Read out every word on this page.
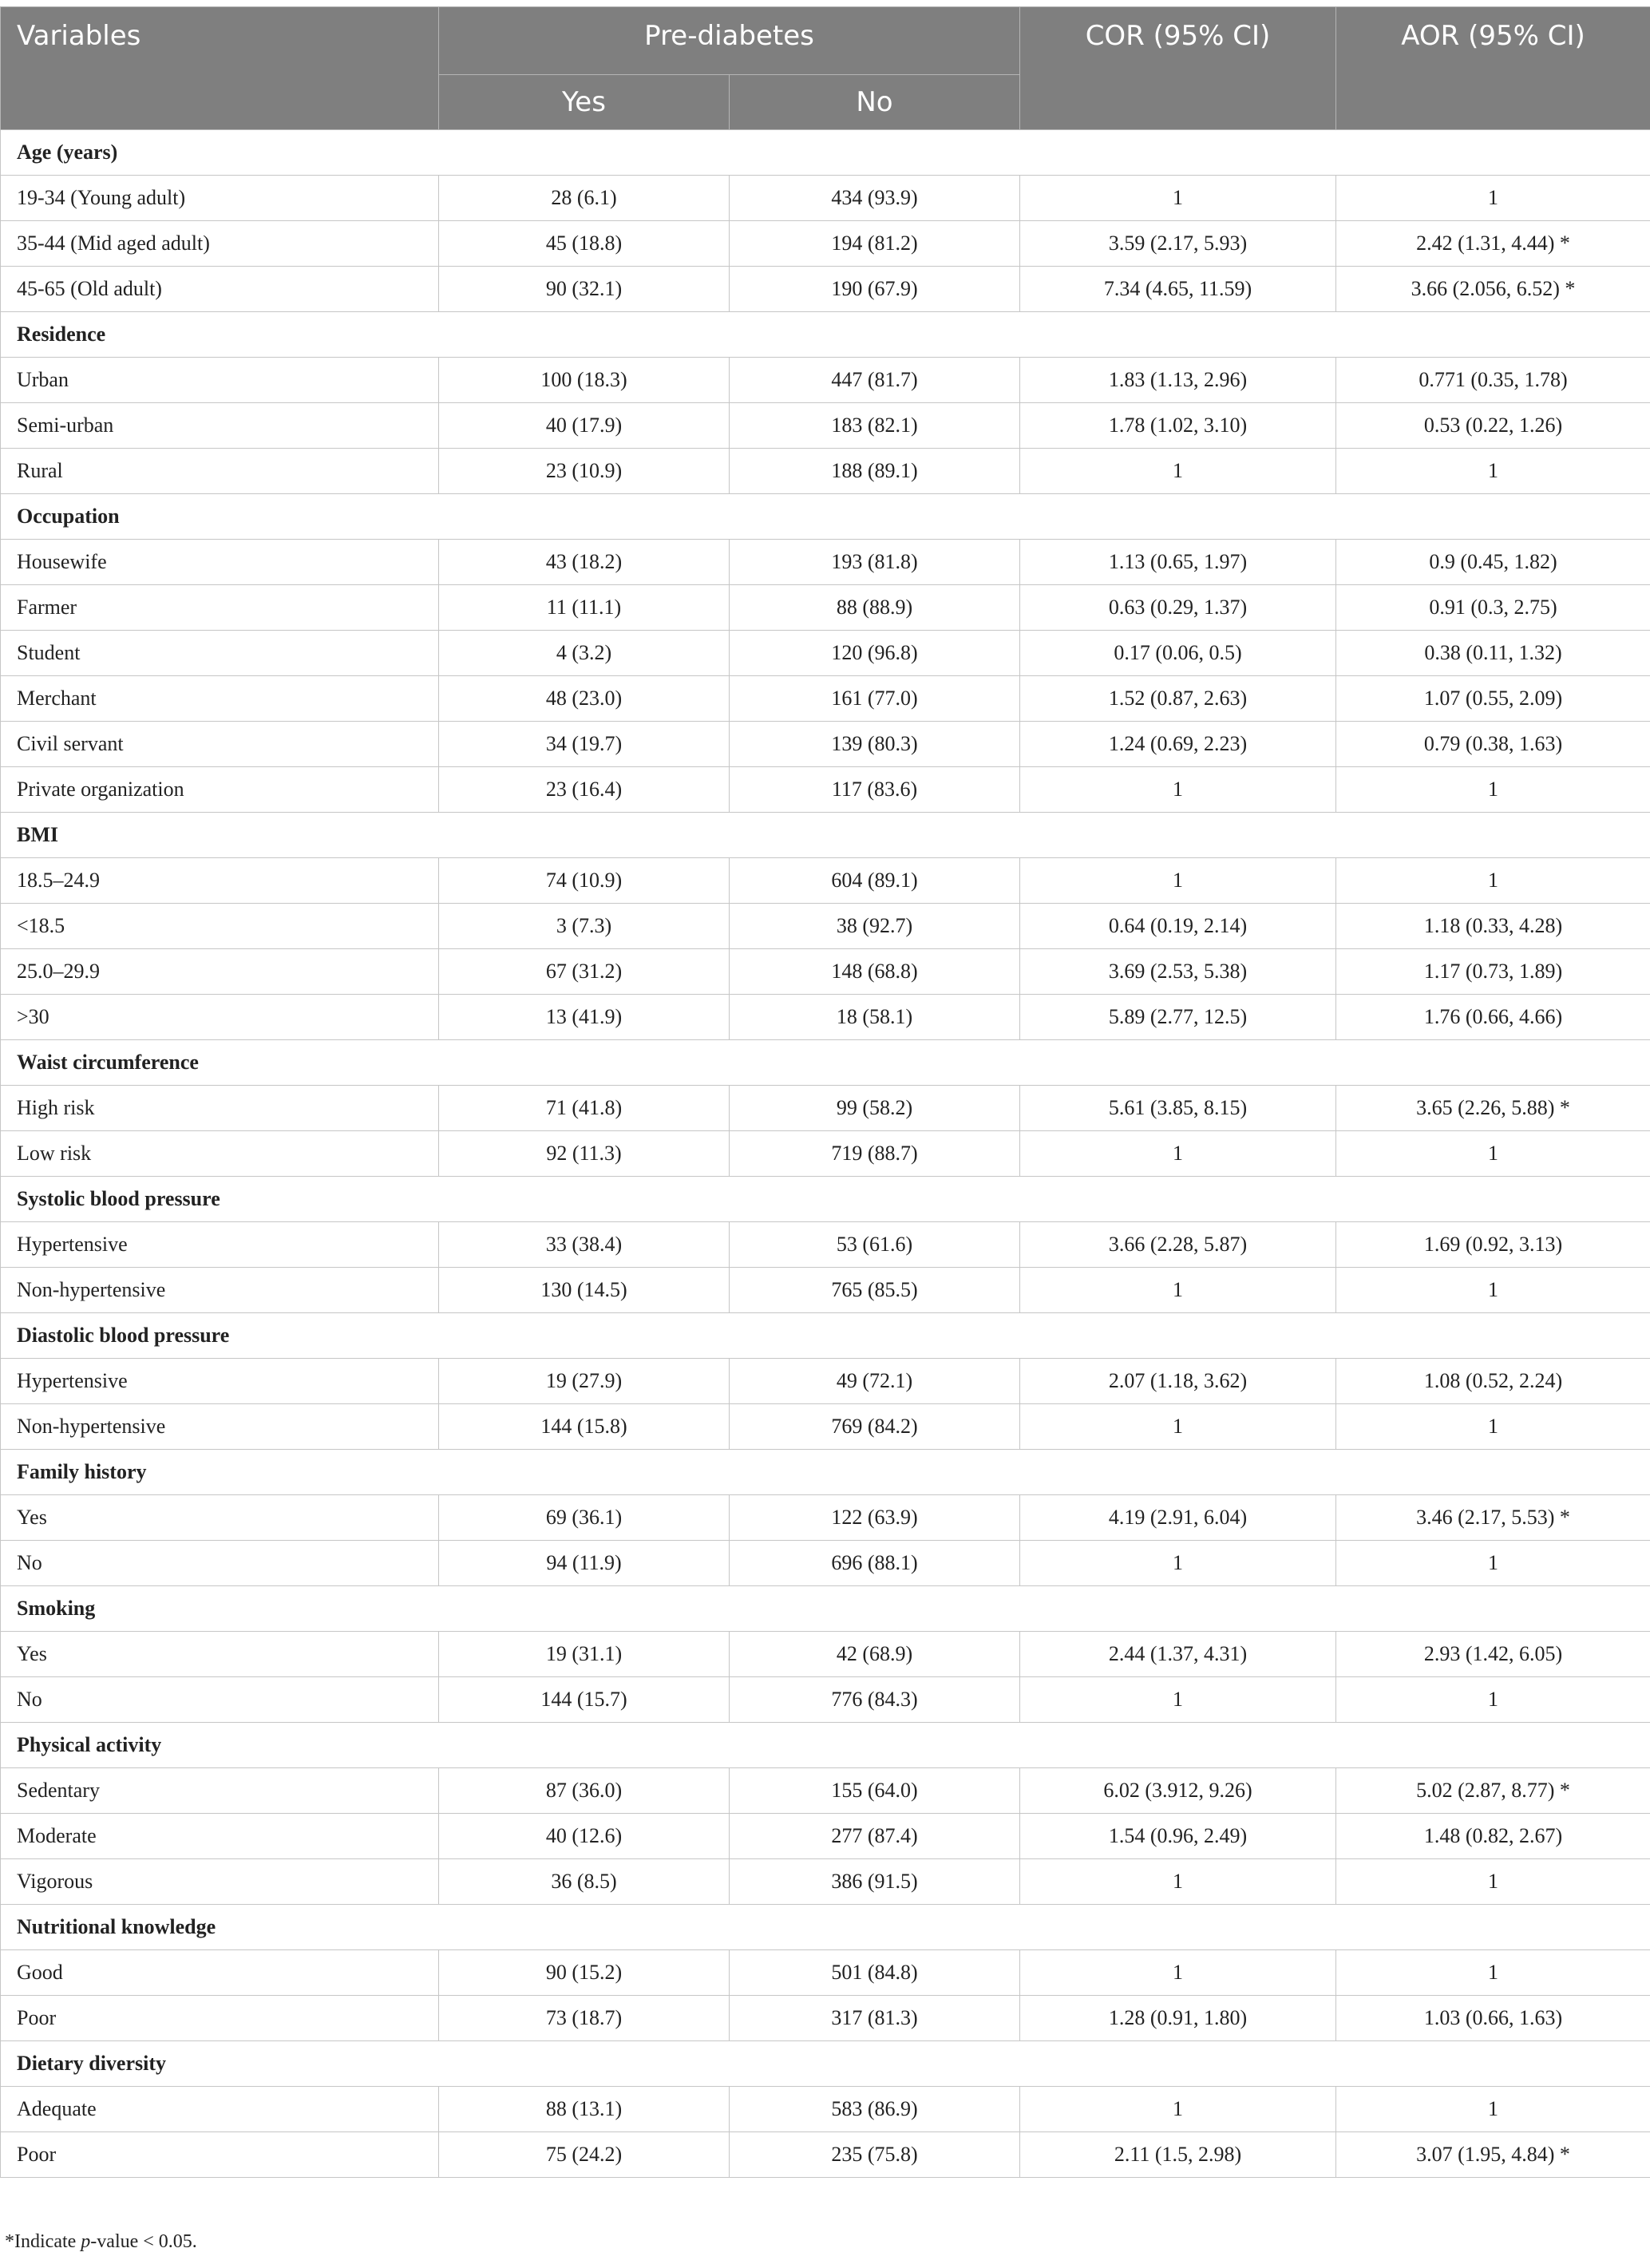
Variables	Pre-diabetes		COR (95% CI)	AOR (95% CI)
	Yes	No		
Age (years)				
19-34 (Young adult)	28 (6.1)	434 (93.9)	1	1
35-44 (Mid aged adult)	45 (18.8)	194 (81.2)	3.59 (2.17, 5.93)	2.42 (1.31, 4.44) *
45-65 (Old adult)	90 (32.1)	190 (67.9)	7.34 (4.65, 11.59)	3.66 (2.056, 6.52) *
Residence				
Urban	100 (18.3)	447 (81.7)	1.83 (1.13, 2.96)	0.771 (0.35, 1.78)
Semi-urban	40 (17.9)	183 (82.1)	1.78 (1.02, 3.10)	0.53 (0.22, 1.26)
Rural	23 (10.9)	188 (89.1)	1	1
Occupation				
Housewife	43 (18.2)	193 (81.8)	1.13 (0.65, 1.97)	0.9 (0.45, 1.82)
Farmer	11 (11.1)	88 (88.9)	0.63 (0.29, 1.37)	0.91 (0.3, 2.75)
Student	4 (3.2)	120 (96.8)	0.17 (0.06, 0.5)	0.38 (0.11, 1.32)
Merchant	48 (23.0)	161 (77.0)	1.52 (0.87, 2.63)	1.07 (0.55, 2.09)
Civil servant	34 (19.7)	139 (80.3)	1.24 (0.69, 2.23)	0.79 (0.38, 1.63)
Private organization	23 (16.4)	117 (83.6)	1	1
BMI				
18.5–24.9	74 (10.9)	604 (89.1)	1	1
<18.5	3 (7.3)	38 (92.7)	0.64 (0.19, 2.14)	1.18 (0.33, 4.28)
25.0–29.9	67 (31.2)	148 (68.8)	3.69 (2.53, 5.38)	1.17 (0.73, 1.89)
>30	13 (41.9)	18 (58.1)	5.89 (2.77, 12.5)	1.76 (0.66, 4.66)
Waist circumference				
High risk	71 (41.8)	99 (58.2)	5.61 (3.85, 8.15)	3.65 (2.26, 5.88) *
Low risk	92 (11.3)	719 (88.7)	1	1
Systolic blood pressure				
Hypertensive	33 (38.4)	53 (61.6)	3.66 (2.28, 5.87)	1.69 (0.92, 3.13)
Non-hypertensive	130 (14.5)	765 (85.5)	1	1
Diastolic blood pressure				
Hypertensive	19 (27.9)	49 (72.1)	2.07 (1.18, 3.62)	1.08 (0.52, 2.24)
Non-hypertensive	144 (15.8)	769 (84.2)	1	1
Family history				
Yes	69 (36.1)	122 (63.9)	4.19 (2.91, 6.04)	3.46 (2.17, 5.53) *
No	94 (11.9)	696 (88.1)	1	1
Smoking				
Yes	19 (31.1)	42 (68.9)	2.44 (1.37, 4.31)	2.93 (1.42, 6.05)
No	144 (15.7)	776 (84.3)	1	1
Physical activity				
Sedentary	87 (36.0)	155 (64.0)	6.02 (3.912, 9.26)	5.02 (2.87, 8.77) *
Moderate	40 (12.6)	277 (87.4)	1.54 (0.96, 2.49)	1.48 (0.82, 2.67)
Vigorous	36 (8.5)	386 (91.5)	1	1
Nutritional knowledge				
Good	90 (15.2)	501 (84.8)	1	1
Poor	73 (18.7)	317 (81.3)	1.28 (0.91, 1.80)	1.03 (0.66, 1.63)
Dietary diversity				
Adequate	88 (13.1)	583 (86.9)	1	1
Poor	75 (24.2)	235 (75.8)	2.11 (1.5, 2.98)	3.07 (1.95, 4.84) *
*Indicate p-value < 0.05.
